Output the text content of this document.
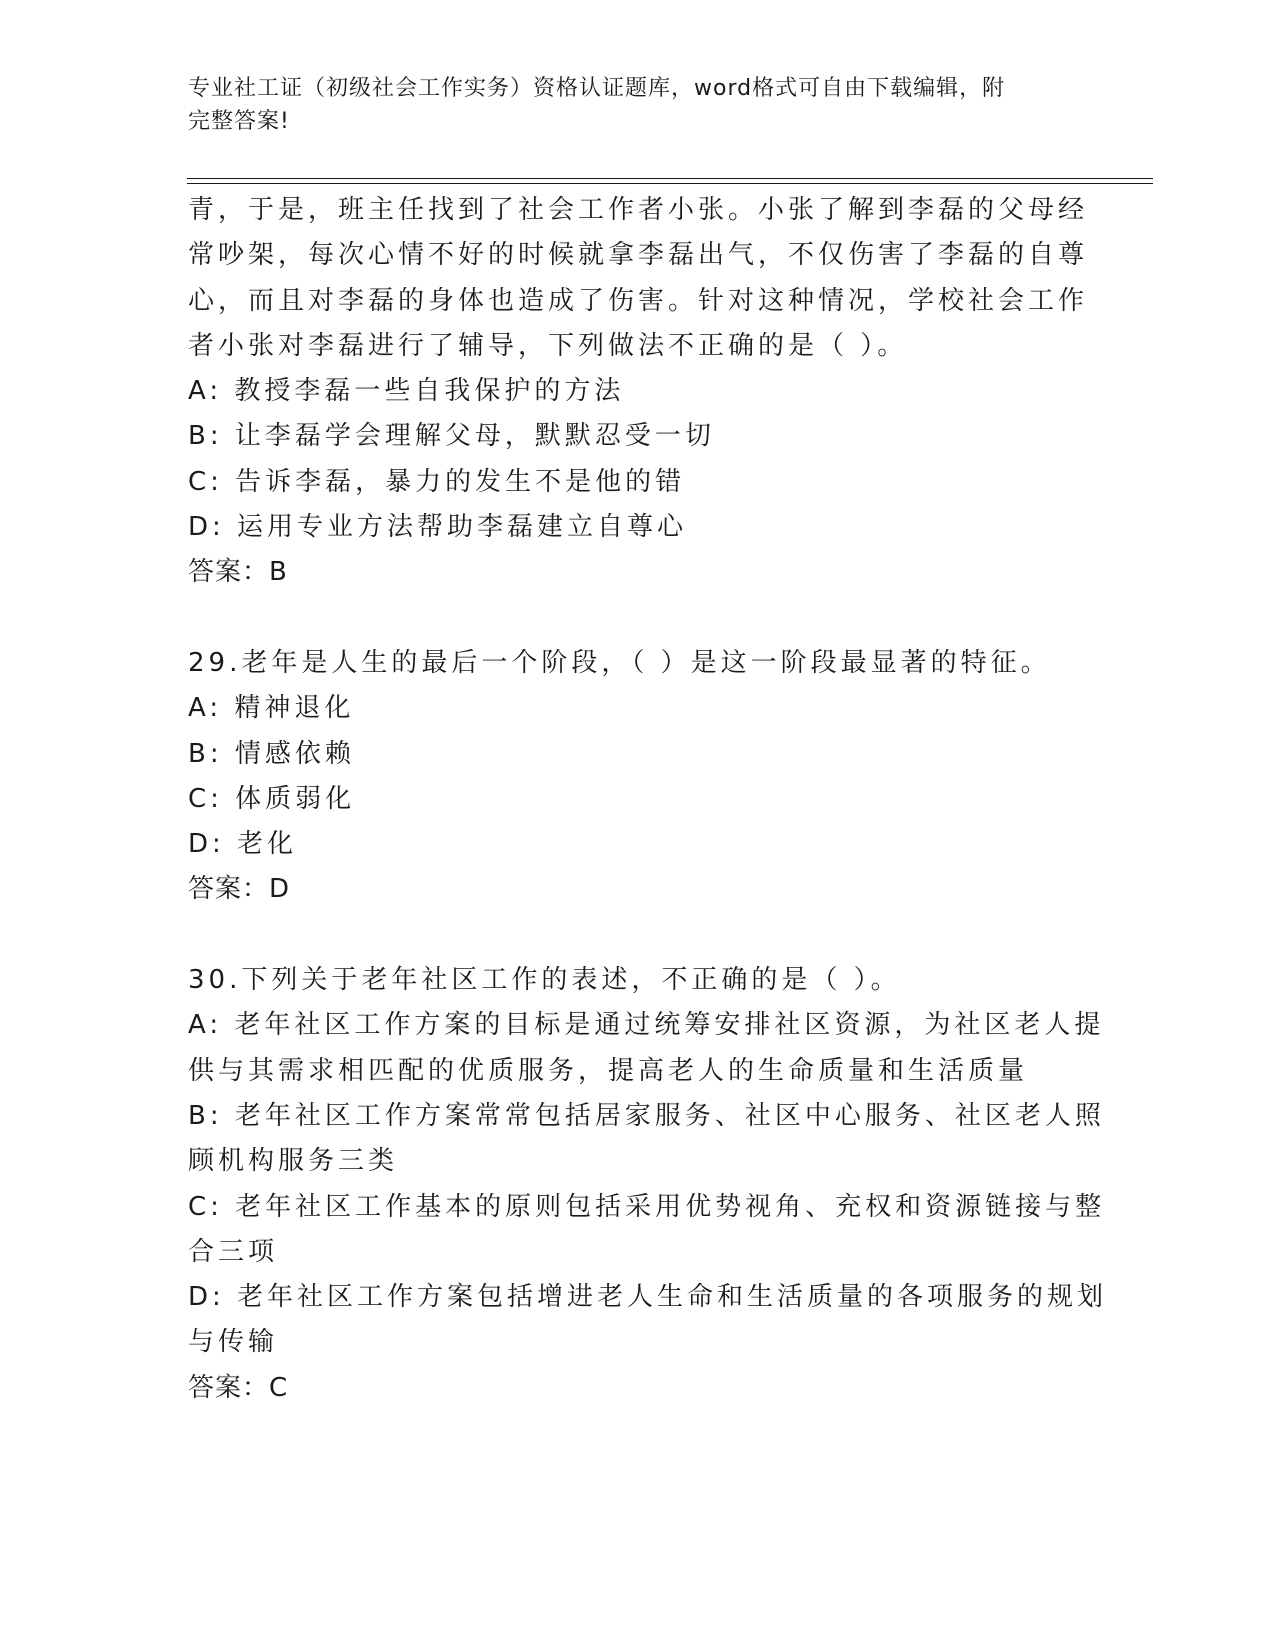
专业社工证（初级社会工作实务）资格认证题库，word格式可自由下载编辑，附
完整答案!
青，于是，班主任找到了社会工作者小张。小张了解到李磊的父母经
常吵架，每次心情不好的时候就拿李磊出气，不仅伤害了李磊的自尊
心，而且对李磊的身体也造成了伤害。针对这种情况，学校社会工作
者小张对李磊进行了辅导，下列做法不正确的是（ ）。
A: 教授李磊一些自我保护的方法
B: 让李磊学会理解父母，默默忍受一切
C: 告诉李磊，暴力的发生不是他的错
D: 运用专业方法帮助李磊建立自尊心
答案：B
29.老年是人生的最后一个阶段，（ ）是这一阶段最显著的特征。
A: 精神退化
B: 情感依赖
C: 体质弱化
D: 老化
答案：D
30.下列关于老年社区工作的表述，不正确的是（ ）。
A: 老年社区工作方案的目标是通过统筹安排社区资源，为社区老人提
供与其需求相匹配的优质服务，提高老人的生命质量和生活质量
B: 老年社区工作方案常常包括居家服务、社区中心服务、社区老人照
顾机构服务三类
C: 老年社区工作基本的原则包括采用优势视角、充权和资源链接与整
合三项
D: 老年社区工作方案包括增进老人生命和生活质量的各项服务的规划
与传输
答案：C
